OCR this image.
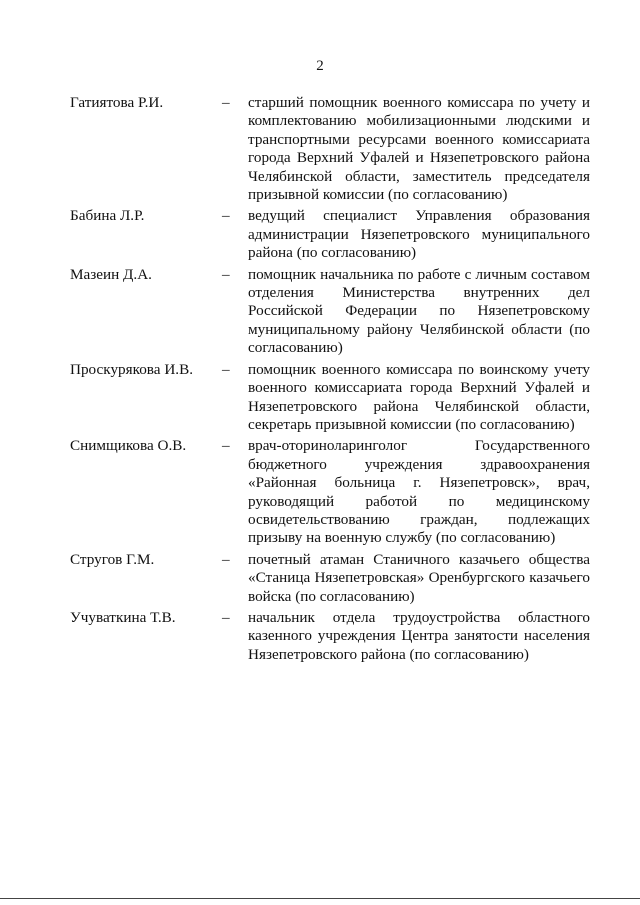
2
Гатиятова Р.И.	–	старший помощник военного комиссара по учету и комплектованию мобилизационными людскими и транспортными ресурсами военного комиссариата города Верхний Уфалей и Нязепетровского района Челябинской области, заместитель председателя призывной комиссии (по согласованию)
Бабина Л.Р.	–	ведущий специалист Управления образования администрации Нязепетровского муниципального района (по согласованию)
Мазеин Д.А.	–	помощник начальника по работе с личным составом отделения Министерства внутренних дел Российской Федерации по Нязепетровскому муниципальному району Челябинской области (по согласованию)
Проскурякова И.В.	–	помощник военного комиссара по воинскому учету военного комиссариата города Верхний Уфалей и Нязепетровского района Челябинской области, секретарь призывной комиссии (по согласованию)
Снимщикова О.В.	–	врач-оториноларинголог Государственного бюджетного учреждения здравоохранения «Районная больница г. Нязепетровск», врач, руководящий работой по медицинскому освидетельствованию граждан, подлежащих призыву на военную службу (по согласованию)
Стругов Г.М.	–	почетный атаман Станичного казачьего общества «Станица Нязепетровская» Оренбургского казачьего войска (по согласованию)
Учуваткина Т.В.	–	начальник отдела трудоустройства областного казенного учреждения Центра занятости населения Нязепетровского района (по согласованию)
